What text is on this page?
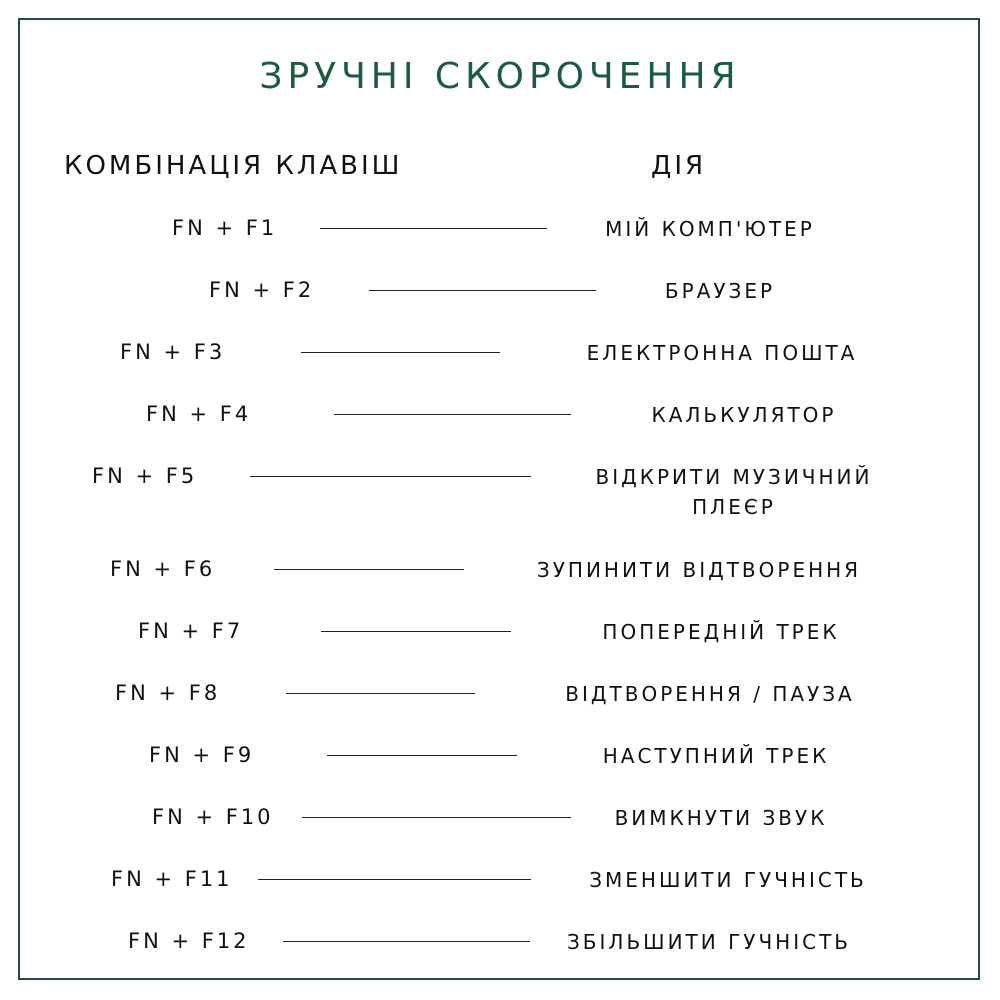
ЗРУЧНІ СКОРОЧЕННЯ
КОМБІНАЦІЯ КЛАВІШ	ДІЯ
FN + F1	МІЙ КОМП'ЮТЕР
FN + F2	БРАУЗЕР
FN + F3	ЕЛЕКТРОННА ПОШТА
FN + F4	КАЛЬКУЛЯТОР
FN + F5	ВІДКРИТИ МУЗИЧНИЙ
ПЛЕЄР
FN + F6	ЗУПИНИТИ ВІДТВОРЕННЯ
FN + F7	ПОПЕРЕДНІЙ ТРЕК
FN + F8	ВІДТВОРЕННЯ / ПАУЗА
FN + F9	НАСТУПНИЙ ТРЕК
FN + F10	ВИМКНУТИ ЗВУК
FN + F11	ЗМЕНШИТИ ГУЧНІСТЬ
FN + F12	ЗБІЛЬШИТИ ГУЧНІСТЬ
